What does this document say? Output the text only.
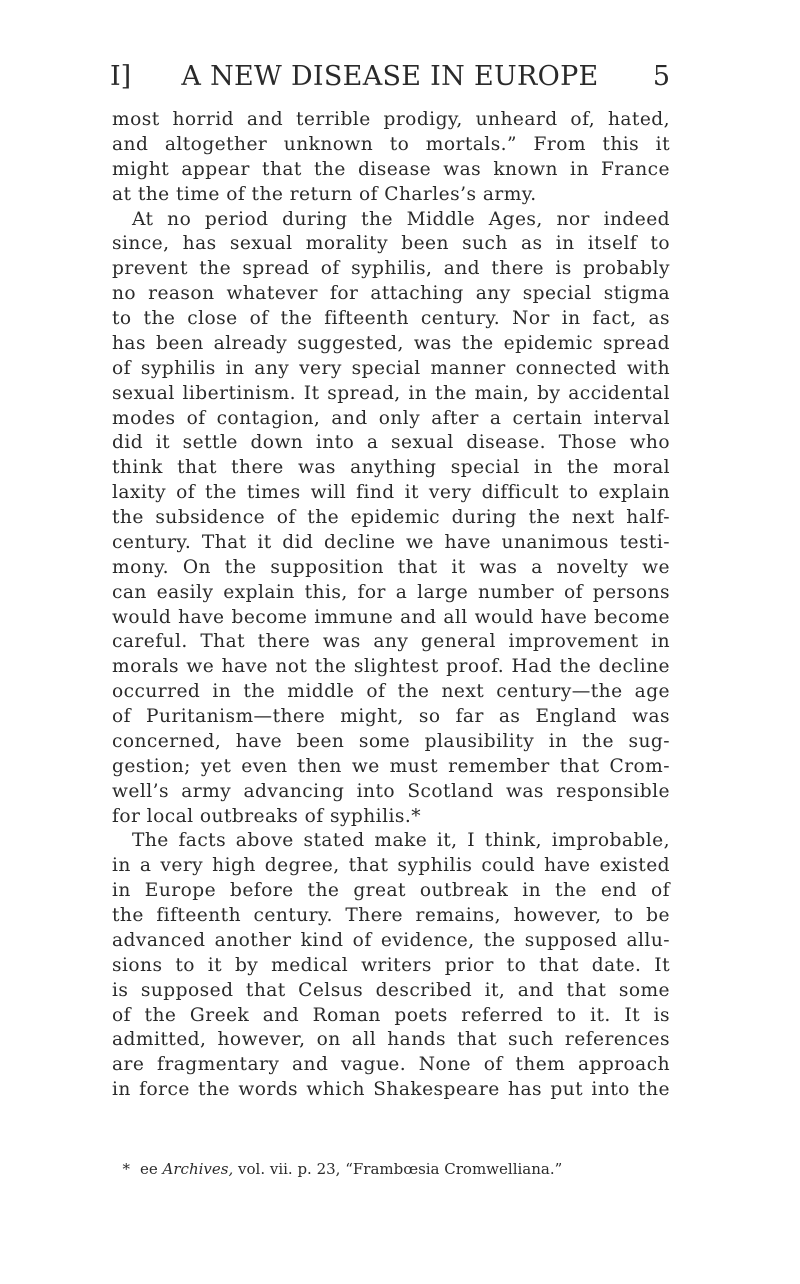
I]	A NEW DISEASE IN EUROPE	5
most horrid and terrible prodigy, unheard of, hated,
and altogether unknown to mortals.” From this it
might appear that the disease was known in France
at the time of the return of Charles’s army.
At no period during the Middle Ages, nor indeed
since, has sexual morality been such as in itself to
prevent the spread of syphilis, and there is probably
no reason whatever for attaching any special stigma
to the close of the fifteenth century. Nor in fact, as
has been already suggested, was the epidemic spread
of syphilis in any very special manner connected with
sexual libertinism. It spread, in the main, by accidental
modes of contagion, and only after a certain interval
did it settle down into a sexual disease. Those who
think that there was anything special in the moral
laxity of the times will find it very difficult to explain
the subsidence of the epidemic during the next half-
century. That it did decline we have unanimous testi-
mony. On the supposition that it was a novelty we
can easily explain this, for a large number of persons
would have become immune and all would have become
careful. That there was any general improvement in
morals we have not the slightest proof. Had the decline
occurred in the middle of the next century—the age
of Puritanism—there might, so far as England was
concerned, have been some plausibility in the sug-
gestion; yet even then we must remember that Crom-
well’s army advancing into Scotland was responsible
for local outbreaks of syphilis.*
The facts above stated make it, I think, improbable,
in a very high degree, that syphilis could have existed
in Europe before the great outbreak in the end of
the fifteenth century. There remains, however, to be
advanced another kind of evidence, the supposed allu-
sions to it by medical writers prior to that date. It
is supposed that Celsus described it, and that some
of the Greek and Roman poets referred to it. It is
admitted, however, on all hands that such references
are fragmentary and vague. None of them approach
in force the words which Shakespeare has put into the
* ee Archives, vol. vii. p. 23, “Frambœsia Cromwelliana.”
